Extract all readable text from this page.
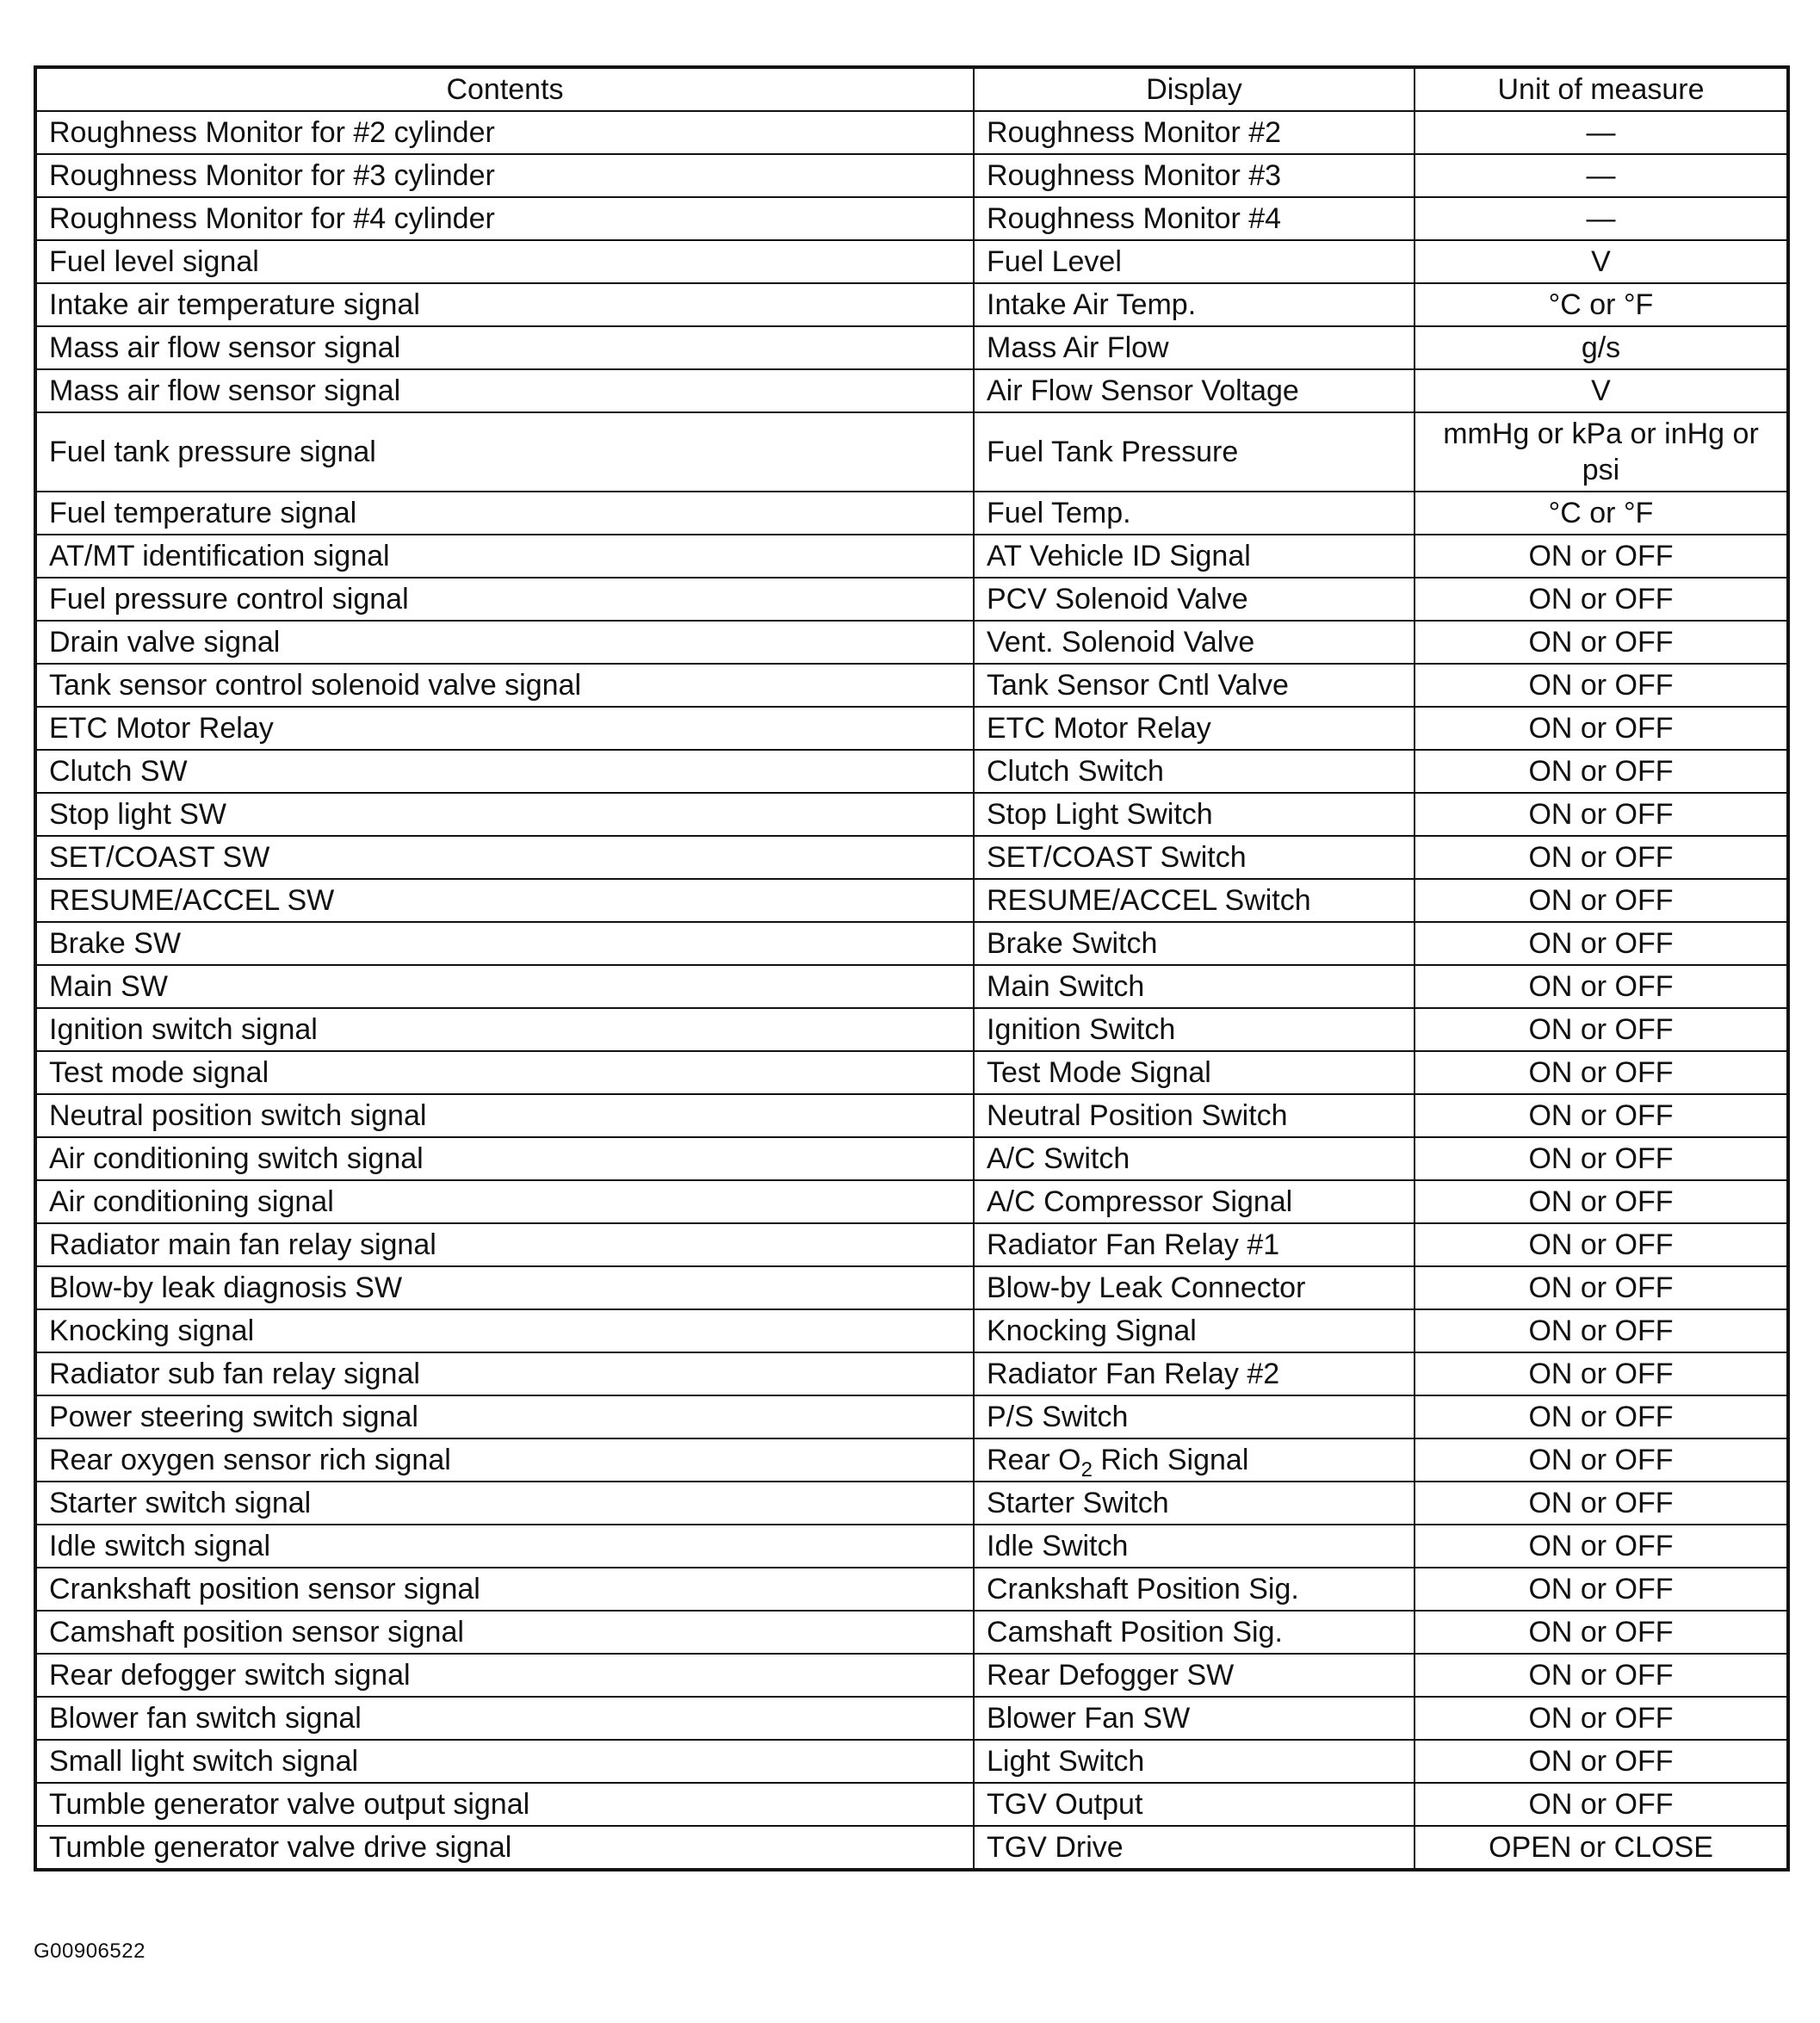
Contents	Display	Unit of measure
Roughness Monitor for #2 cylinder	Roughness Monitor #2	—
Roughness Monitor for #3 cylinder	Roughness Monitor #3	—
Roughness Monitor for #4 cylinder	Roughness Monitor #4	—
Fuel level signal	Fuel Level	V
Intake air temperature signal	Intake Air Temp.	°C or °F
Mass air flow sensor signal	Mass Air Flow	g/s
Mass air flow sensor signal	Air Flow Sensor Voltage	V
Fuel tank pressure signal	Fuel Tank Pressure	mmHg or kPa or inHg or psi
Fuel temperature signal	Fuel Temp.	°C or °F
AT/MT identification signal	AT Vehicle ID Signal	ON or OFF
Fuel pressure control signal	PCV Solenoid Valve	ON or OFF
Drain valve signal	Vent. Solenoid Valve	ON or OFF
Tank sensor control solenoid valve signal	Tank Sensor Cntl Valve	ON or OFF
ETC Motor Relay	ETC Motor Relay	ON or OFF
Clutch SW	Clutch Switch	ON or OFF
Stop light SW	Stop Light Switch	ON or OFF
SET/COAST SW	SET/COAST Switch	ON or OFF
RESUME/ACCEL SW	RESUME/ACCEL Switch	ON or OFF
Brake SW	Brake Switch	ON or OFF
Main SW	Main Switch	ON or OFF
Ignition switch signal	Ignition Switch	ON or OFF
Test mode signal	Test Mode Signal	ON or OFF
Neutral position switch signal	Neutral Position Switch	ON or OFF
Air conditioning switch signal	A/C Switch	ON or OFF
Air conditioning signal	A/C Compressor Signal	ON or OFF
Radiator main fan relay signal	Radiator Fan Relay #1	ON or OFF
Blow-by leak diagnosis SW	Blow-by Leak Connector	ON or OFF
Knocking signal	Knocking Signal	ON or OFF
Radiator sub fan relay signal	Radiator Fan Relay #2	ON or OFF
Power steering switch signal	P/S Switch	ON or OFF
Rear oxygen sensor rich signal	Rear $O_2$ Rich Signal	ON or OFF
Starter switch signal	Starter Switch	ON or OFF
Idle switch signal	Idle Switch	ON or OFF
Crankshaft position sensor signal	Crankshaft Position Sig.	ON or OFF
Camshaft position sensor signal	Camshaft Position Sig.	ON or OFF
Rear defogger switch signal	Rear Defogger SW	ON or OFF
Blower fan switch signal	Blower Fan SW	ON or OFF
Small light switch signal	Light Switch	ON or OFF
Tumble generator valve output signal	TGV Output	ON or OFF
Tumble generator valve drive signal	TGV Drive	OPEN or CLOSE
G00906522
